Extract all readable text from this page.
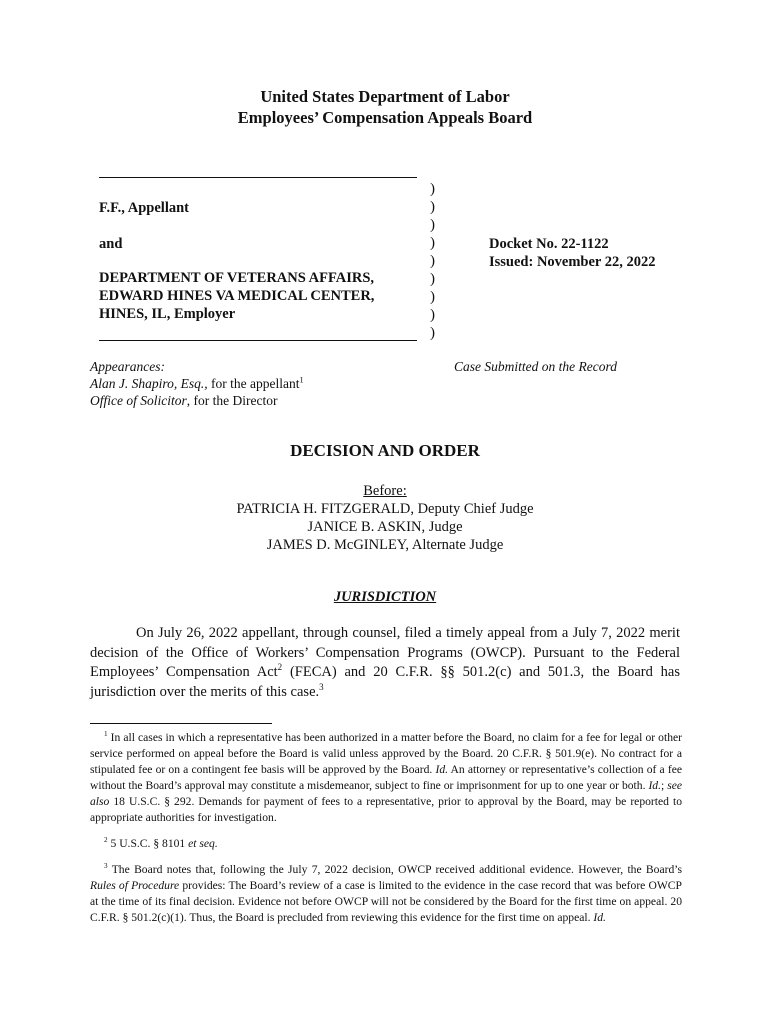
United States Department of Labor
Employees’ Compensation Appeals Board
F.F., Appellant
and
DEPARTMENT OF VETERANS AFFAIRS,
EDWARD HINES VA MEDICAL CENTER,
HINES, IL, Employer
)
)
)
)
)
)
)
)
)
Docket No. 22-1122
Issued: November 22, 2022
Appearances:
Alan J. Shapiro, Esq., for the appellant$^1$
Office of Solicitor, for the Director
Case Submitted on the Record
DECISION AND ORDER
Before:
PATRICIA H. FITZGERALD, Deputy Chief Judge
JANICE B. ASKIN, Judge
JAMES D. McGINLEY, Alternate Judge
JURISDICTION
On July 26, 2022 appellant, through counsel, filed a timely appeal from a July 7, 2022 merit decision of the Office of Workers’ Compensation Programs (OWCP). Pursuant to the Federal Employees’ Compensation Act$^2$ (FECA) and 20 C.F.R. §§ 501.2(c) and 501.3, the Board has jurisdiction over the merits of this case.$^3$
$^1$ In all cases in which a representative has been authorized in a matter before the Board, no claim for a fee for legal or other service performed on appeal before the Board is valid unless approved by the Board. 20 C.F.R. § 501.9(e). No contract for a stipulated fee or on a contingent fee basis will be approved by the Board. Id. An attorney or representative’s collection of a fee without the Board’s approval may constitute a misdemeanor, subject to fine or imprisonment for up to one year or both. Id.; see also 18 U.S.C. § 292. Demands for payment of fees to a representative, prior to approval by the Board, may be reported to appropriate authorities for investigation.
$^2$ 5 U.S.C. § 8101 et seq.
$^3$ The Board notes that, following the July 7, 2022 decision, OWCP received additional evidence. However, the Board’s Rules of Procedure provides: The Board’s review of a case is limited to the evidence in the case record that was before OWCP at the time of its final decision. Evidence not before OWCP will not be considered by the Board for the first time on appeal. 20 C.F.R. § 501.2(c)(1). Thus, the Board is precluded from reviewing this evidence for the first time on appeal. Id.
